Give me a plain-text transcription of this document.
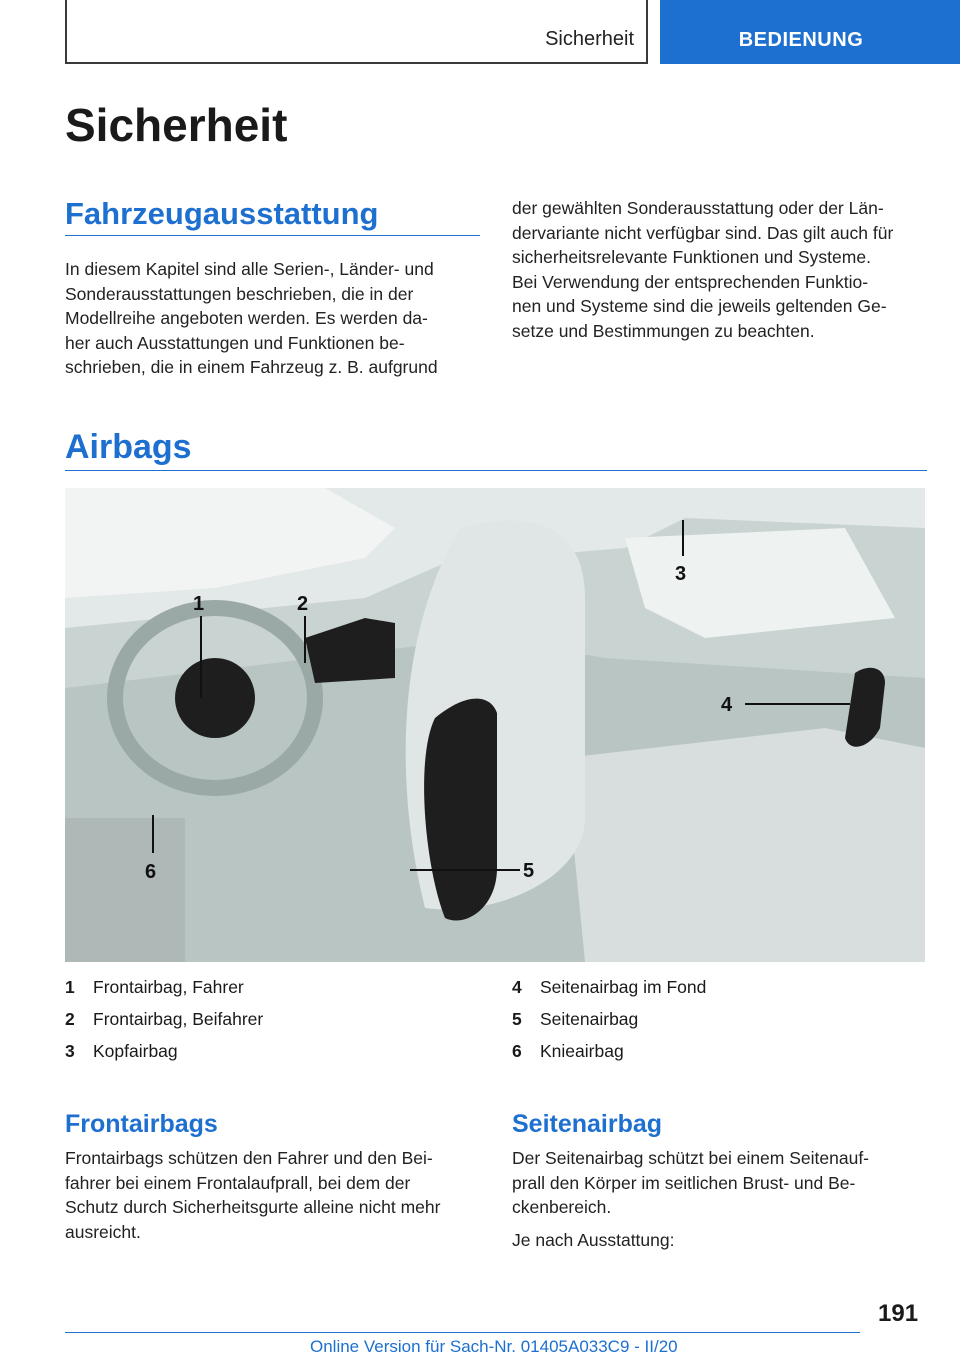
Sicherheit	BEDIENUNG
Sicherheit
Fahrzeugausstattung

In diesem Kapitel sind alle Serien-, Länder- und
Sonderausstattungen beschrieben, die in der
Modellreihe angeboten werden. Es werden da-
her auch Ausstattungen und Funktionen be-
schrieben, die in einem Fahrzeug z. B. aufgrund

der gewählten Sonderausstattung oder der Län-
dervariante nicht verfügbar sind. Das gilt auch für
sicherheitsrelevante Funktionen und Systeme.
Bei Verwendung der entsprechenden Funktio-
nen und Systeme sind die jeweils geltenden Ge-
setze und Bestimmungen zu beachten.

Airbags
1	2
3
4
5
6
1	Frontairbag, Fahrer
2	Frontairbag, Beifahrer
3	Kopfairbag
4	Seitenairbag im Fond
5	Seitenairbag
6	Knieairbag
Frontairbags

Frontairbags schützen den Fahrer und den Bei-
fahrer bei einem Frontalaufprall, bei dem der
Schutz durch Sicherheitsgurte alleine nicht mehr
ausreicht.

Seitenairbag

Der Seitenairbag schützt bei einem Seitenauf-
prall den Körper im seitlichen Brust- und Be-
ckenbereich.

Je nach Ausstattung:

191
Online Version für Sach-Nr. 01405A033C9 - II/20
